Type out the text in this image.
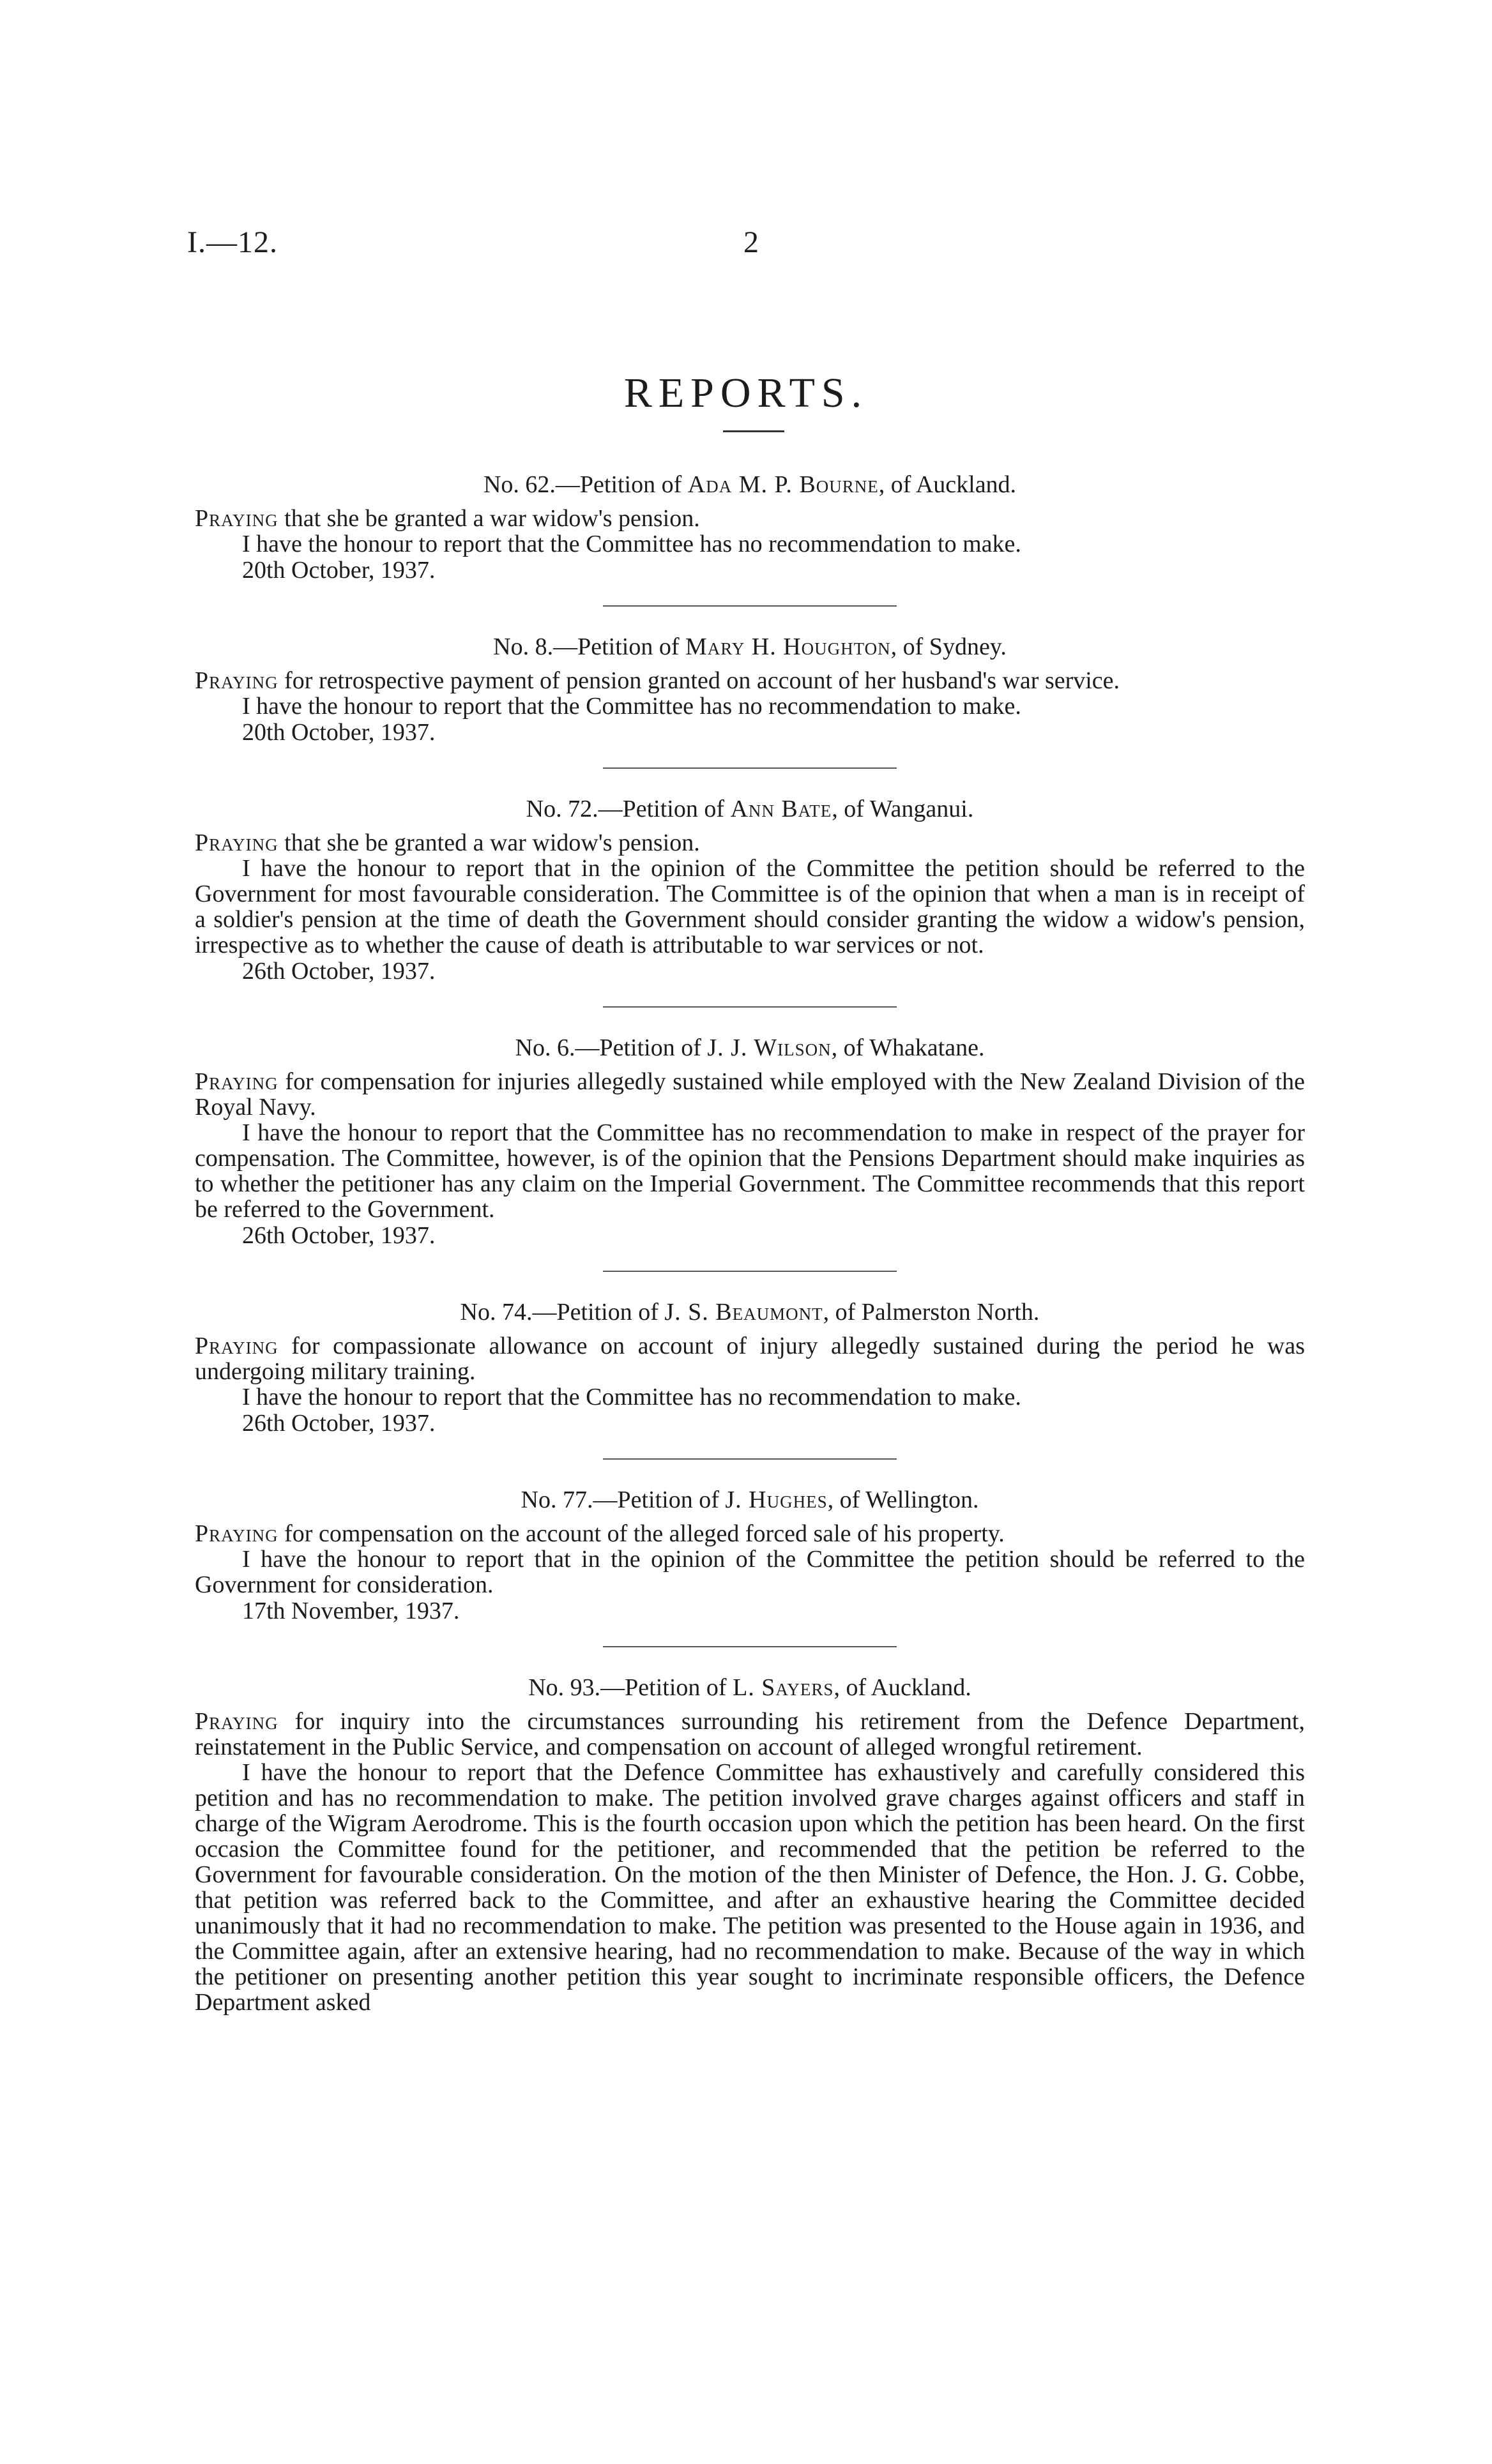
I.—12.	2
REPORTS.
No. 62.—Petition of Ada M. P. Bourne, of Auckland.

Praying that she be granted a war widow's pension.

I have the honour to report that the Committee has no recommendation to make.

20th October, 1937.

No. 8.—Petition of Mary H. Houghton, of Sydney.

Praying for retrospective payment of pension granted on account of her husband's war service.

I have the honour to report that the Committee has no recommendation to make.

20th October, 1937.

No. 72.—Petition of Ann Bate, of Wanganui.

Praying that she be granted a war widow's pension.

I have the honour to report that in the opinion of the Committee the petition should be referred to the Government for most favourable consideration. The Committee is of the opinion that when a man is in receipt of a soldier's pension at the time of death the Government should consider granting the widow a widow's pension, irrespective as to whether the cause of death is attributable to war services or not.

26th October, 1937.

No. 6.—Petition of J. J. Wilson, of Whakatane.

Praying for compensation for injuries allegedly sustained while employed with the New Zealand Division of the Royal Navy.

I have the honour to report that the Committee has no recommendation to make in respect of the prayer for compensation. The Committee, however, is of the opinion that the Pensions Department should make inquiries as to whether the petitioner has any claim on the Imperial Government. The Committee recommends that this report be referred to the Government.

26th October, 1937.

No. 74.—Petition of J. S. Beaumont, of Palmerston North.

Praying for compassionate allowance on account of injury allegedly sustained during the period he was undergoing military training.

I have the honour to report that the Committee has no recommendation to make.

26th October, 1937.

No. 77.—Petition of J. Hughes, of Wellington.

Praying for compensation on the account of the alleged forced sale of his property.

I have the honour to report that in the opinion of the Committee the petition should be referred to the Government for consideration.

17th November, 1937.

No. 93.—Petition of L. Sayers, of Auckland.

Praying for inquiry into the circumstances surrounding his retirement from the Defence Department, reinstatement in the Public Service, and compensation on account of alleged wrongful retirement.

I have the honour to report that the Defence Committee has exhaustively and carefully considered this petition and has no recommendation to make. The petition involved grave charges against officers and staff in charge of the Wigram Aerodrome. This is the fourth occasion upon which the petition has been heard. On the first occasion the Committee found for the petitioner, and recommended that the petition be referred to the Government for favourable consideration. On the motion of the then Minister of Defence, the Hon. J. G. Cobbe, that petition was referred back to the Committee, and after an exhaustive hearing the Committee decided unanimously that it had no recommendation to make. The petition was presented to the House again in 1936, and the Committee again, after an extensive hearing, had no recommendation to make. Because of the way in which the petitioner on presenting another petition this year sought to incriminate responsible officers, the Defence Department asked
